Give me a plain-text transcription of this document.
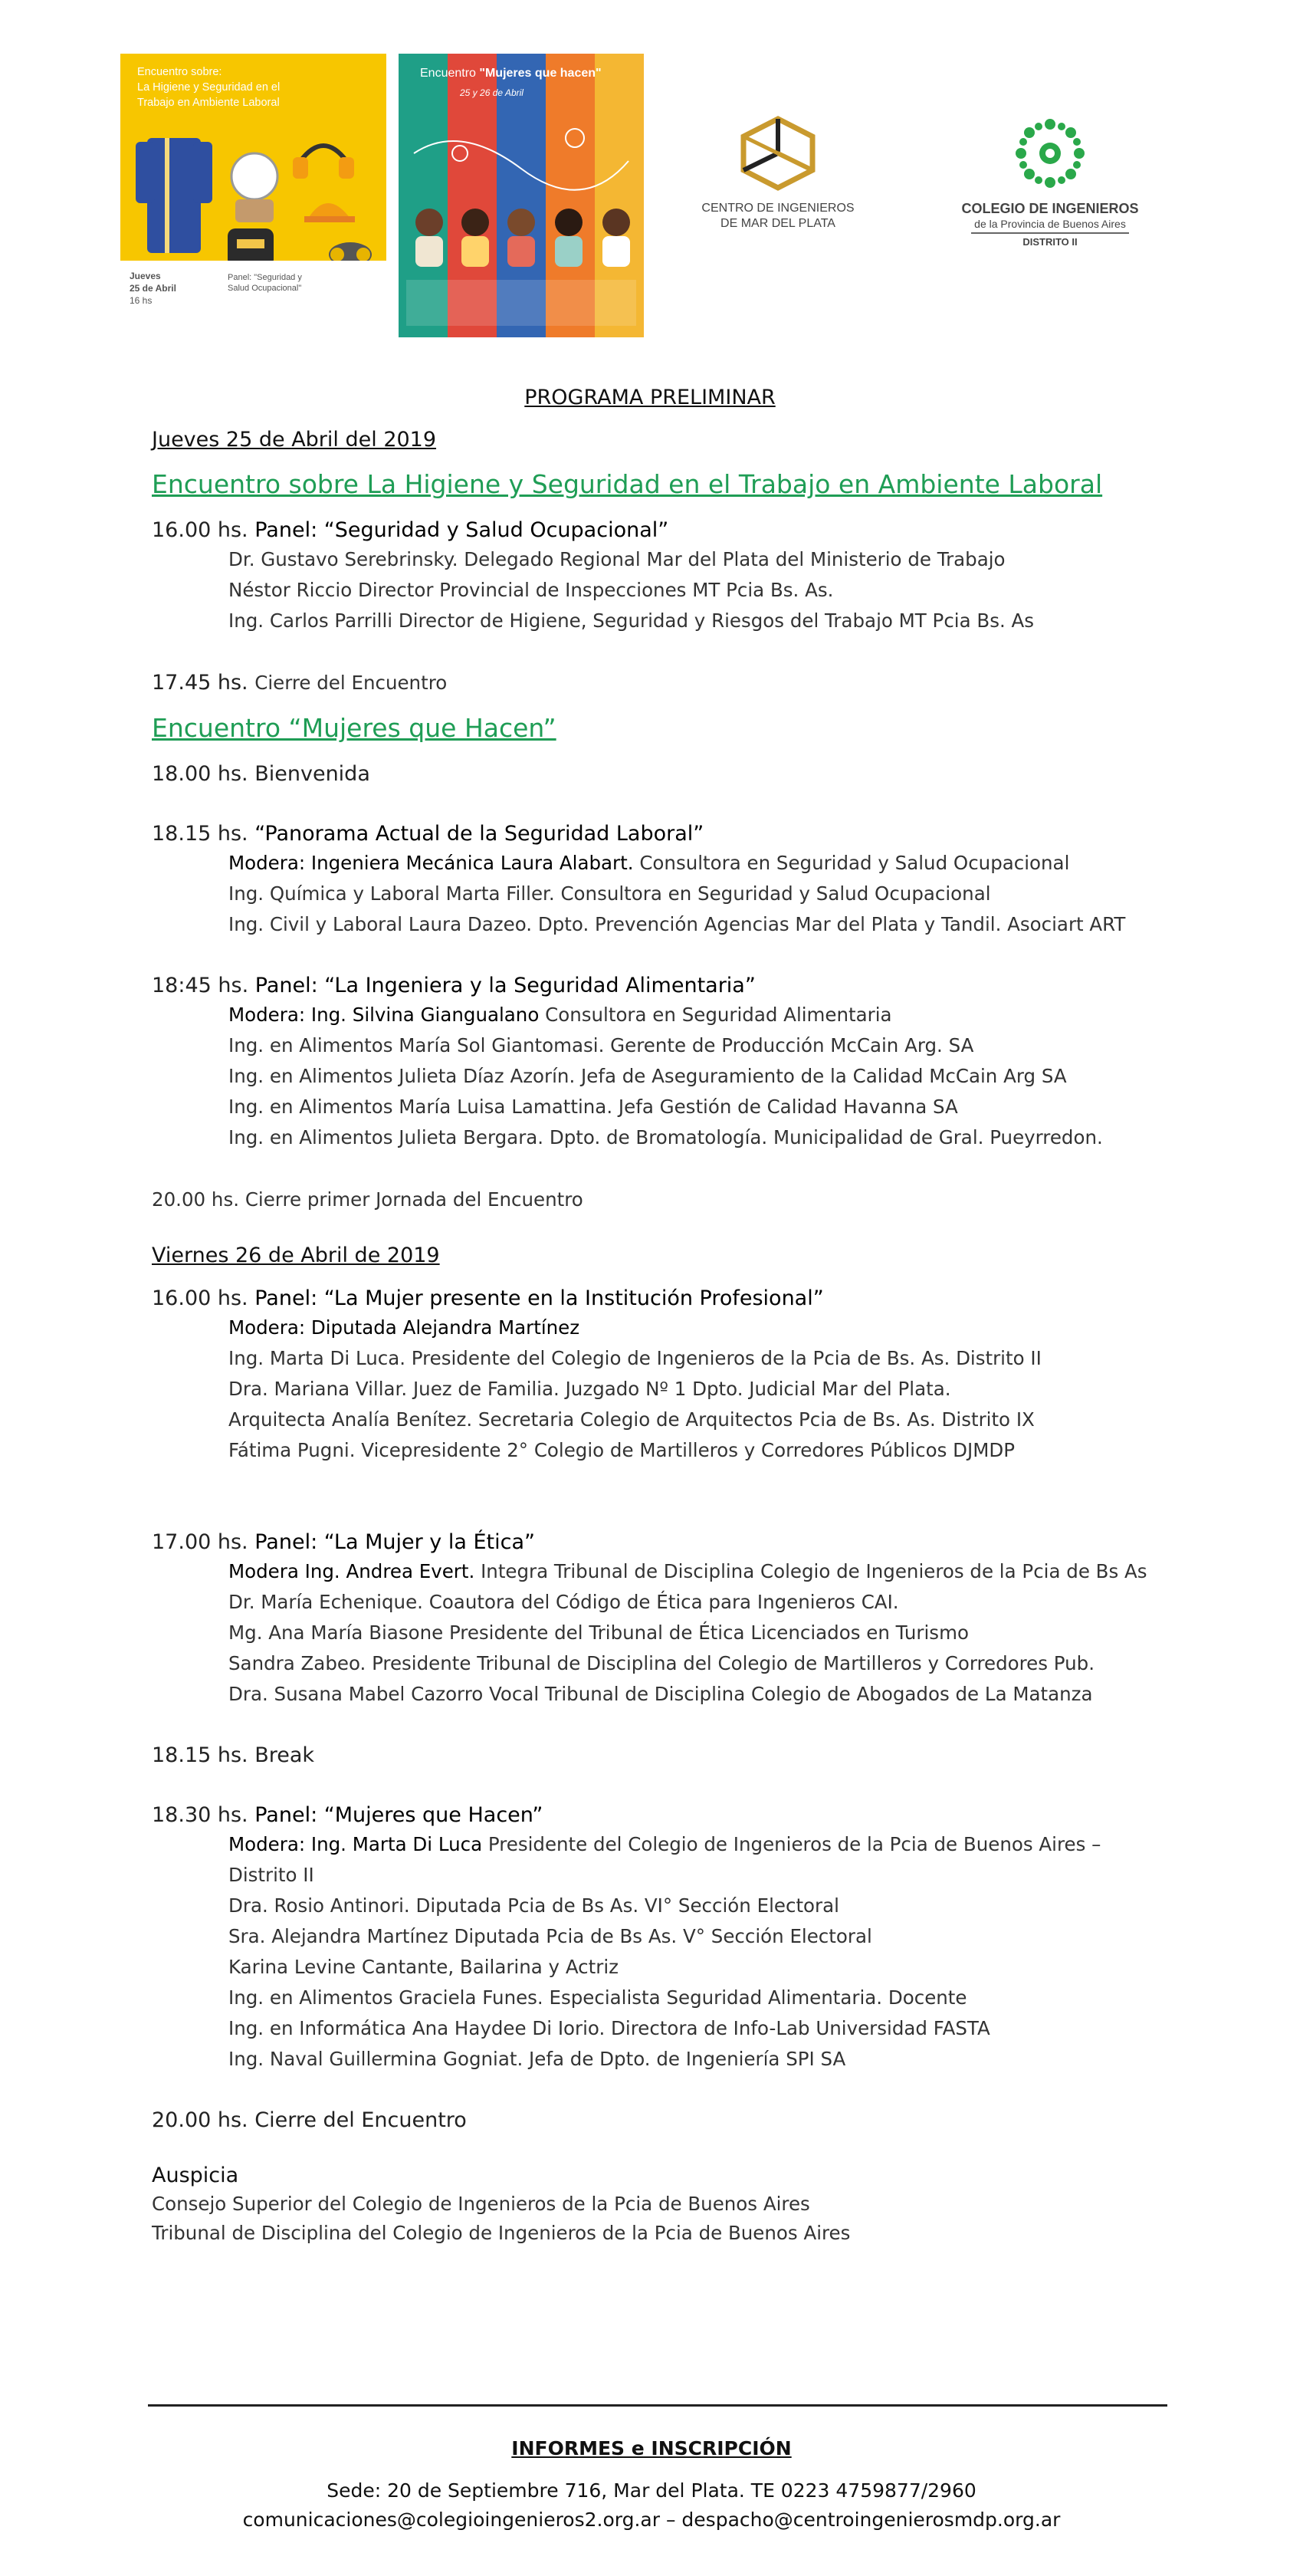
Encuentro sobre:
La Higiene y Seguridad en el
Trabajo en Ambiente Laboral
Jueves
25 de Abril
16 hs
Panel: "Seguridad y
Salud Ocupacional"
Encuentro "Mujeres que hacen"
25 y 26 de Abril
CENTRO DE INGENIEROS
DE MAR DEL PLATA
COLEGIO DE INGENIEROS
de la Provincia de Buenos Aires
DISTRITO II
PROGRAMA PRELIMINAR
Jueves 25 de Abril del 2019
Encuentro sobre La Higiene y Seguridad en el Trabajo en Ambiente Laboral
16.00 hs. Panel: “Seguridad y Salud Ocupacional”
Dr. Gustavo Serebrinsky. Delegado Regional Mar del Plata del Ministerio de Trabajo
Néstor Riccio Director Provincial de Inspecciones MT Pcia Bs. As.
Ing. Carlos Parrilli Director de Higiene, Seguridad y Riesgos del Trabajo MT Pcia Bs. As
17.45 hs. Cierre del Encuentro
Encuentro “Mujeres que Hacen”
18.00 hs. Bienvenida
18.15 hs. “Panorama Actual de la Seguridad Laboral”
Modera: Ingeniera Mecánica Laura Alabart. Consultora en Seguridad y Salud Ocupacional
Ing. Química y Laboral Marta Filler. Consultora en Seguridad y Salud Ocupacional
Ing. Civil y Laboral Laura Dazeo. Dpto. Prevención Agencias Mar del Plata y Tandil. Asociart ART
18:45 hs. Panel: “La Ingeniera y la Seguridad Alimentaria”
Modera: Ing. Silvina Giangualano Consultora en Seguridad Alimentaria
Ing. en Alimentos María Sol Giantomasi. Gerente de Producción McCain Arg. SA
Ing. en Alimentos Julieta Díaz Azorín. Jefa de Aseguramiento de la Calidad McCain Arg SA
Ing. en Alimentos María Luisa Lamattina. Jefa Gestión de Calidad Havanna SA
Ing. en Alimentos Julieta Bergara. Dpto. de Bromatología. Municipalidad de Gral. Pueyrredon.
20.00 hs. Cierre primer Jornada del Encuentro
Viernes 26 de Abril de 2019
16.00 hs. Panel: “La Mujer presente en la Institución Profesional”
Modera: Diputada Alejandra Martínez
Ing. Marta Di Luca. Presidente del Colegio de Ingenieros de la Pcia de Bs. As. Distrito II
Dra. Mariana Villar. Juez de Familia. Juzgado Nº 1 Dpto. Judicial Mar del Plata.
Arquitecta Analía Benítez. Secretaria Colegio de Arquitectos Pcia de Bs. As. Distrito IX
Fátima Pugni. Vicepresidente 2° Colegio de Martilleros y Corredores Públicos DJMDP
17.00 hs. Panel: “La Mujer y la Ética”
Modera Ing. Andrea Evert. Integra Tribunal de Disciplina Colegio de Ingenieros de la Pcia de Bs As
Dr. María Echenique. Coautora del Código de Ética para Ingenieros CAI.
Mg. Ana María Biasone Presidente del Tribunal de Ética Licenciados en Turismo
Sandra Zabeo. Presidente Tribunal de Disciplina del Colegio de Martilleros y Corredores Pub.
Dra. Susana Mabel Cazorro Vocal Tribunal de Disciplina Colegio de Abogados de La Matanza
18.15 hs. Break
18.30 hs. Panel: “Mujeres que Hacen”
Modera: Ing. Marta Di Luca Presidente del Colegio de Ingenieros de la Pcia de Buenos Aires –
Distrito II
Dra. Rosio Antinori. Diputada Pcia de Bs As. VI° Sección Electoral
Sra. Alejandra Martínez Diputada Pcia de Bs As. V° Sección Electoral
Karina Levine Cantante, Bailarina y Actriz
Ing. en Alimentos Graciela Funes. Especialista Seguridad Alimentaria. Docente
Ing. en Informática Ana Haydee Di Iorio. Directora de Info-Lab Universidad FASTA
Ing. Naval Guillermina Gogniat. Jefa de Dpto. de Ingeniería SPI SA
20.00 hs. Cierre del Encuentro
Auspicia
Consejo Superior del Colegio de Ingenieros de la Pcia de Buenos Aires
Tribunal de Disciplina del Colegio de Ingenieros de la Pcia de Buenos Aires
INFORMES e INSCRIPCIÓN
Sede: 20 de Septiembre 716, Mar del Plata. TE 0223 4759877/2960
comunicaciones@colegioingenieros2.org.ar – despacho@centroingenierosmdp.org.ar
